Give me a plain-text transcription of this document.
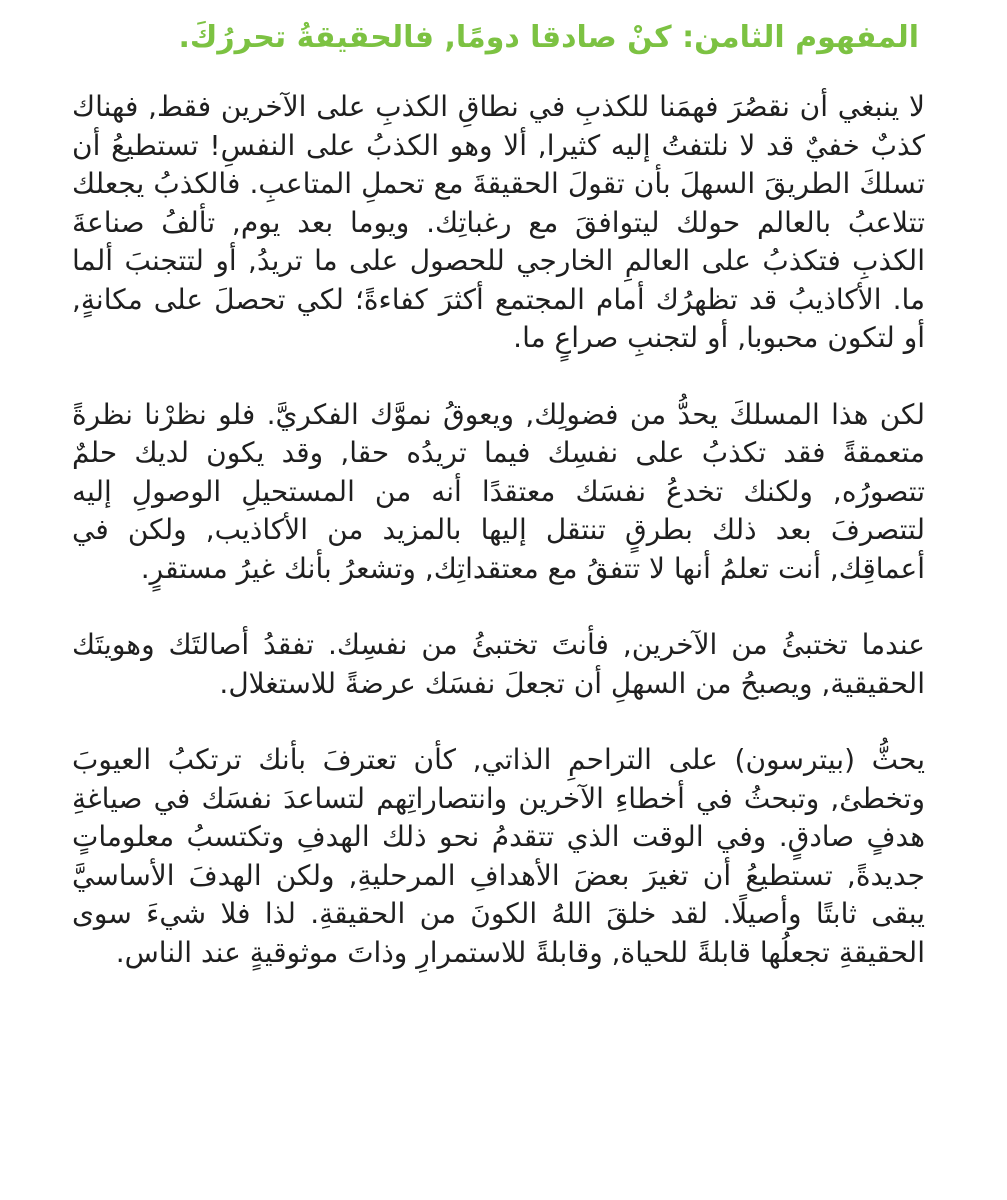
المفهوم الثامن: كنْ صادقا دومًا, فالحقيقةُ تحررُكَ.

لا ينبغي أن نقصُرَ فهمَنا للكذبِ في نطاقِ الكذبِ على الآخرين فقط, فهناك كذبٌ خفيٌ قد لا نلتفتُ إليه كثيرا, ألا وهو الكذبُ على النفسِ! تستطيعُ أن تسلكَ الطريقَ السهلَ بأن تقولَ الحقيقةَ مع تحملِ المتاعبِ. فالكذبُ يجعلك تتلاعبُ بالعالم حولك ليتوافقَ مع رغباتِك. ويوما بعد يوم, تألفُ صناعةَ الكذبِ فتكذبُ على العالمِ الخارجي للحصول على ما تريدُ, أو لتتجنبَ ألما ما. الأكاذيبُ قد تظهرُك أمام المجتمع أكثرَ كفاءةً؛ لكي تحصلَ على مكانةٍ, أو لتكون محبوبا, أو لتجنبِ صراعٍ ما.

لكن هذا المسلكَ يحدُّ من فضولِك, ويعوقُ نموَّك الفكريَّ. فلو نظرْنا نظرةً متعمقةً فقد تكذبُ على نفسِك فيما تريدُه حقا, وقد يكون لديك حلمٌ تتصورُه, ولكنك تخدعُ نفسَك معتقدًا أنه من المستحيلِ الوصولِ إليه لتتصرفَ بعد ذلك بطرقٍ تنتقل إليها بالمزيد من الأكاذيب, ولكن في أعماقِك, أنت تعلمُ أنها لا تتفقُ مع معتقداتِك, وتشعرُ بأنك غيرُ مستقرٍ.

عندما تختبئُ من الآخرين, فأنتَ تختبئُ من نفسِك. تفقدُ أصالتَك وهويتَك الحقيقية, ويصبحُ من السهلِ أن تجعلَ نفسَك عرضةً للاستغلال.

يحثُّ (بيترسون) على التراحمِ الذاتي, كأن تعترفَ بأنك ترتكبُ العيوبَ وتخطئ, وتبحثُ في أخطاءِ الآخرين وانتصاراتِهم لتساعدَ نفسَك في صياغةِ هدفٍ صادقٍ. وفي الوقت الذي تتقدمُ نحو ذلك الهدفِ وتكتسبُ معلوماتٍ جديدةً, تستطيعُ أن تغيرَ بعضَ الأهدافِ المرحليةِ, ولكن الهدفَ الأساسيَّ يبقى ثابتًا وأصيلًا. لقد خلقَ اللهُ الكونَ من الحقيقةِ. لذا فلا شيءَ سوى الحقيقةِ تجعلُها قابلةً للحياة, وقابلةً للاستمرارِ وذاتَ موثوقيةٍ عند الناس.
